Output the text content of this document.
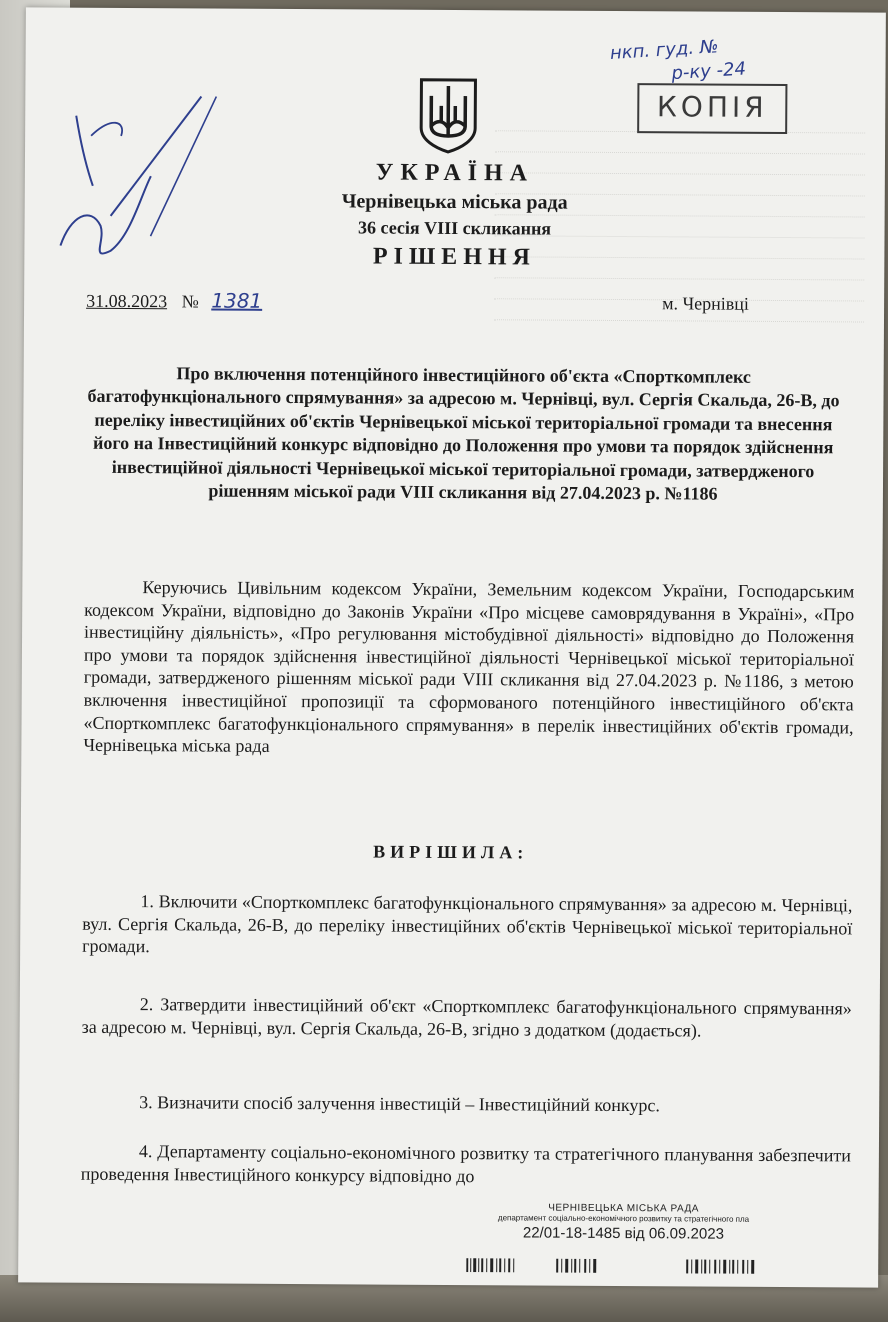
нкп. гуд. №
р-ку -24
КОПІЯ
УКРАЇНА
Чернівецька міська рада
36 сесія VIII скликання
РІШЕННЯ
31.08.2023 № 1381	м. Чернівці
Про включення потенційного інвестиційного об'єкта «Спорткомплекс багатофункціонального спрямування» за адресою м. Чернівці, вул. Сергія Скальда, 26-В, до переліку інвестиційних об'єктів Чернівецької міської територіальної громади та внесення його на Інвестиційний конкурс відповідно до Положення про умови та порядок здійснення інвестиційної діяльності Чернівецької міської територіальної громади, затвердженого рішенням міської ради VIII скликання від 27.04.2023 р. №1186
Керуючись Цивільним кодексом України, Земельним кодексом України, Господарським кодексом України, відповідно до Законів України «Про місцеве самоврядування в Україні», «Про інвестиційну діяльність», «Про регулювання містобудівної діяльності» відповідно до Положення про умови та порядок здійснення інвестиційної діяльності Чернівецької міської територіальної громади, затвердженого рішенням міської ради VIII скликання від 27.04.2023 р. №1186, з метою включення інвестиційної пропозиції та сформованого потенційного інвестиційного об'єкта «Спорткомплекс багатофункціонального спрямування» в перелік інвестиційних об'єктів громади, Чернівецька міська рада
ВИРІШИЛА:
1. Включити «Спорткомплекс багатофункціонального спрямування» за адресою м. Чернівці, вул. Сергія Скальда, 26-В, до переліку інвестиційних об'єктів Чернівецької міської територіальної громади.
2. Затвердити інвестиційний об'єкт «Спорткомплекс багатофункціонального спрямування» за адресою м. Чернівці, вул. Сергія Скальда, 26-В, згідно з додатком (додається).
3. Визначити спосіб залучення інвестицій – Інвестиційний конкурс.
4. Департаменту соціально-економічного розвитку та стратегічного планування забезпечити проведення Інвестиційного конкурсу відповідно до
ЧЕРНІВЕЦЬКА МІСЬКА РАДА
департамент соціально-економічного розвитку та стратегічного пла
22/01-18-1485 від 06.09.2023
